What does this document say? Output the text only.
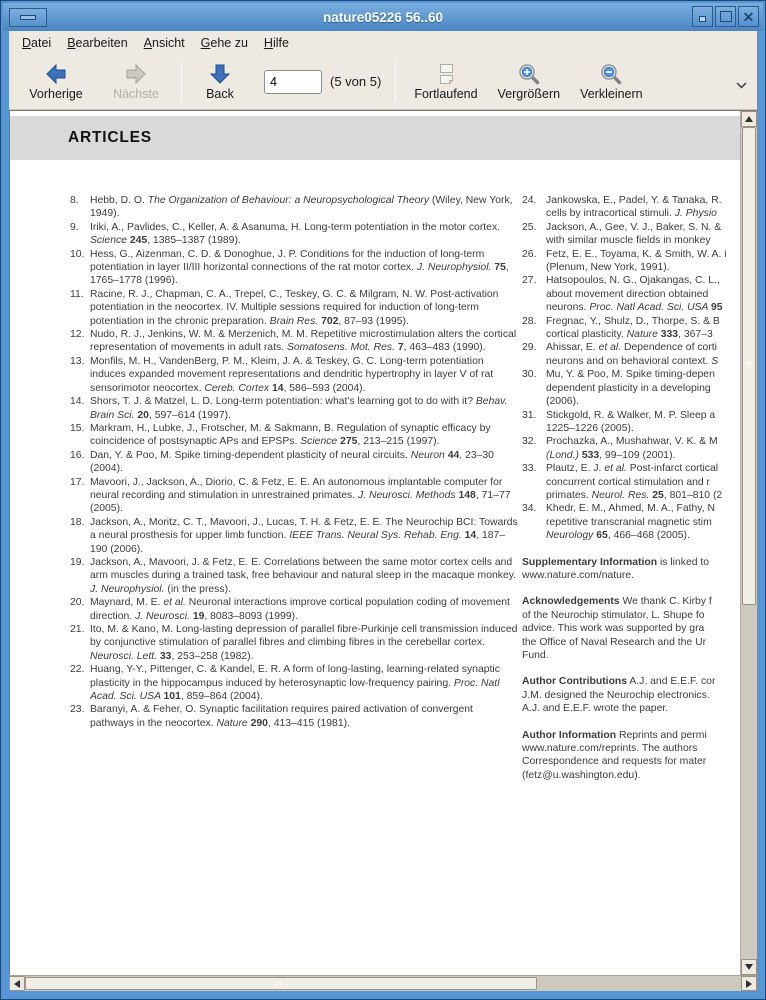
nature05226 56..60	✕
Datei	Bearbeiten	Ansicht	Gehe zu	Hilfe
Vorherige Nächste	Back
4
(5 von 5)
Fortlaufend Vergrößern Verkleinern
ARTICLES
8.	Hebb, D. O. The Organization of Behaviour: a Neuropsychological Theory (Wiley, New York, 1949).
9.	Iriki, A., Pavlides, C., Keller, A. & Asanuma, H. Long-term potentiation in the motor cortex. Science 245, 1385–1387 (1989).
10. Hess, G., Aizenman, C. D. & Donoghue, J. P. Conditions for the induction of long-term potentiation in layer II/III horizontal connections of the rat motor cortex. J. Neurophysiol. 75, 1765–1778 (1996).
11. Racine, R. J., Chapman, C. A., Trepel, C., Teskey, G. C. & Milgram, N. W. Post-activation potentiation in the neocortex. IV. Multiple sessions required for induction of long-term potentiation in the chronic preparation. Brain Res. 702, 87–93 (1995).
12. Nudo, R. J., Jenkins, W. M. & Merzenich, M. M. Repetitive microstimulation alters the cortical representation of movements in adult rats. Somatosens. Mot. Res. 7, 463–483 (1990).
13. Monfils, M. H., VandenBerg, P. M., Kleim, J. A. & Teskey, G. C. Long-term potentiation induces expanded movement representations and dendritic hypertrophy in layer V of rat sensorimotor neocortex. Cereb. Cortex 14, 586–593 (2004).
14. Shors, T. J. & Matzel, L. D. Long-term potentiation: what's learning got to do with it? Behav. Brain Sci. 20, 597–614 (1997).
15. Markram, H., Lubke, J., Frotscher, M. & Sakmann, B. Regulation of synaptic efficacy by coincidence of postsynaptic APs and EPSPs. Science 275, 213–215 (1997).
16. Dan, Y. & Poo, M. Spike timing-dependent plasticity of neural circuits. Neuron 44, 23–30 (2004).
17. Mavoori, J., Jackson, A., Diorio, C. & Fetz, E. E. An autonomous implantable computer for neural recording and stimulation in unrestrained primates. J. Neurosci. Methods 148, 71–77 (2005).
18. Jackson, A., Moritz, C. T., Mavoori, J., Lucas, T. H. & Fetz, E. E. The Neurochip BCI: Towards a neural prosthesis for upper limb function. IEEE Trans. Neural Sys. Rehab. Eng. 14, 187–190 (2006).
19. Jackson, A., Mavoori, J. & Fetz, E. E. Correlations between the same motor cortex cells and arm muscles during a trained task, free behaviour and natural sleep in the macaque monkey. J. Neurophysiol. (in the press).
20. Maynard, M. E. et al. Neuronal interactions improve cortical population coding of movement direction. J. Neurosci. 19, 8083–8093 (1999).
21. Ito, M. & Kano, M. Long-lasting depression of parallel fibre-Purkinje cell transmission induced by conjunctive stimulation of parallel fibres and climbing fibres in the cerebellar cortex. Neurosci. Lett. 33, 253–258 (1982).
22. Huang, Y-Y., Pittenger, C. & Kandel, E. R. A form of long-lasting, learning-related synaptic plasticity in the hippocampus induced by heterosynaptic low-frequency pairing. Proc. Natl Acad. Sci. USA 101, 859–864 (2004).
23. Baranyi, A. & Feher, O. Synaptic facilitation requires paired activation of convergent pathways in the neocortex. Nature 290, 413–415 (1981).
24. Jankowska, E., Padel, Y. & Tanaka, R.
cells by intracortical stimuli. J. Physio
25. Jackson, A., Gee, V. J., Baker, S. N. &
with similar muscle fields in monkey
26. Fetz, E. E., Toyama, K. & Smith, W. A. i
(Plenum, New York, 1991).
27. Hatsopoulos, N. G., Ojakangas, C. L.,
about movement direction obtained
neurons. Proc. Natl Acad. Sci. USA 95
28. Fregnac, Y., Shulz, D., Thorpe, S. & B
cortical plasticity. Nature 333, 367–3
29. Ahissar, E. et al. Dependence of corti
neurons and on behavioral context. S
30. Mu, Y. & Poo, M. Spike timing-depen
dependent plasticity in a developing
(2006).
31. Stickgold, R. & Walker, M. P. Sleep a
1225–1226 (2005).
32. Prochazka, A., Mushahwar, V. K. & M
(Lond.) 533, 99–109 (2001).
33. Plautz, E. J. et al. Post-infarct cortical
concurrent cortical stimulation and r
primates. Neurol. Res. 25, 801–810 (2
34. Khedr, E. M., Ahmed, M. A., Fathy, N
repetitive transcranial magnetic stim
Neurology 65, 466–468 (2005).
Supplementary Information is linked to
www.nature.com/nature.
Acknowledgements We thank C. Kirby f
of the Neurochip stimulator, L. Shupe fo
advice. This work was supported by gra
the Office of Naval Research and the Ur
Fund.
Author Contributions A.J. and E.E.F. cor
J.M. designed the Neurochip electronics.
A.J. and E.E.F. wrote the paper.
Author Information Reprints and permi
www.nature.com/reprints. The authors
Correspondence and requests for mater
(fetz@u.washington.edu).
